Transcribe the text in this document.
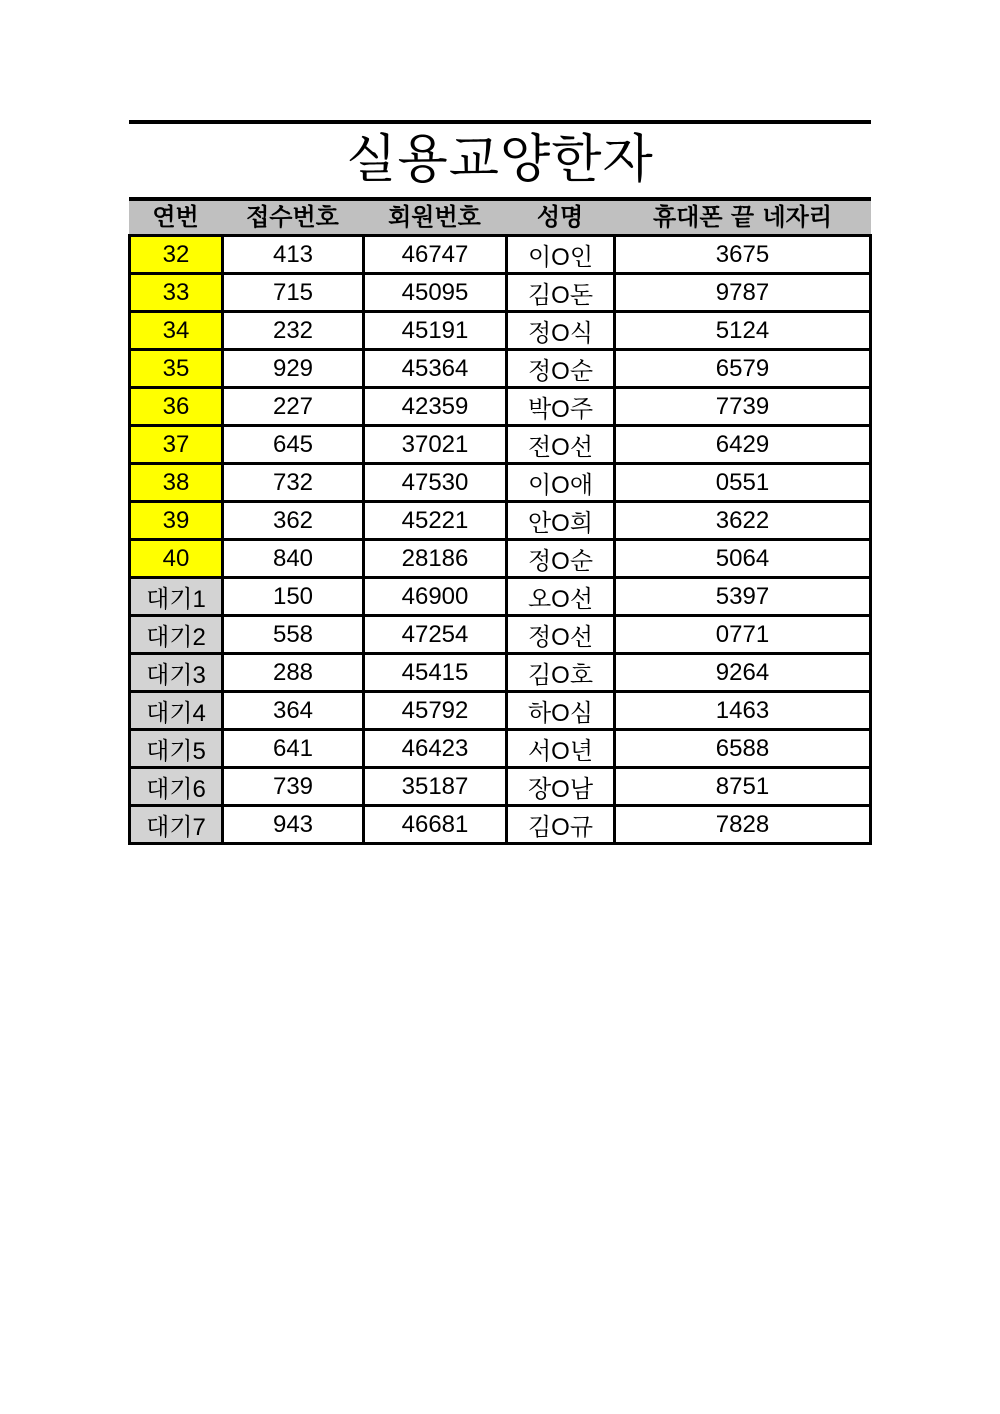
실용교양한자
연번	접수번호	회원번호	성명	휴대폰 끝 네자리
32	413	46747	이O인	3675
33	715	45095	김O돈	9787
34	232	45191	정O식	5124
35	929	45364	정O순	6579
36	227	42359	박O주	7739
37	645	37021	전O선	6429
38	732	47530	이O애	0551
39	362	45221	안O희	3622
40	840	28186	정O순	5064
대기1	150	46900	오O선	5397
대기2	558	47254	정O선	0771
대기3	288	45415	김O호	9264
대기4	364	45792	하O심	1463
대기5	641	46423	서O년	6588
대기6	739	35187	장O남	8751
대기7	943	46681	김O규	7828
